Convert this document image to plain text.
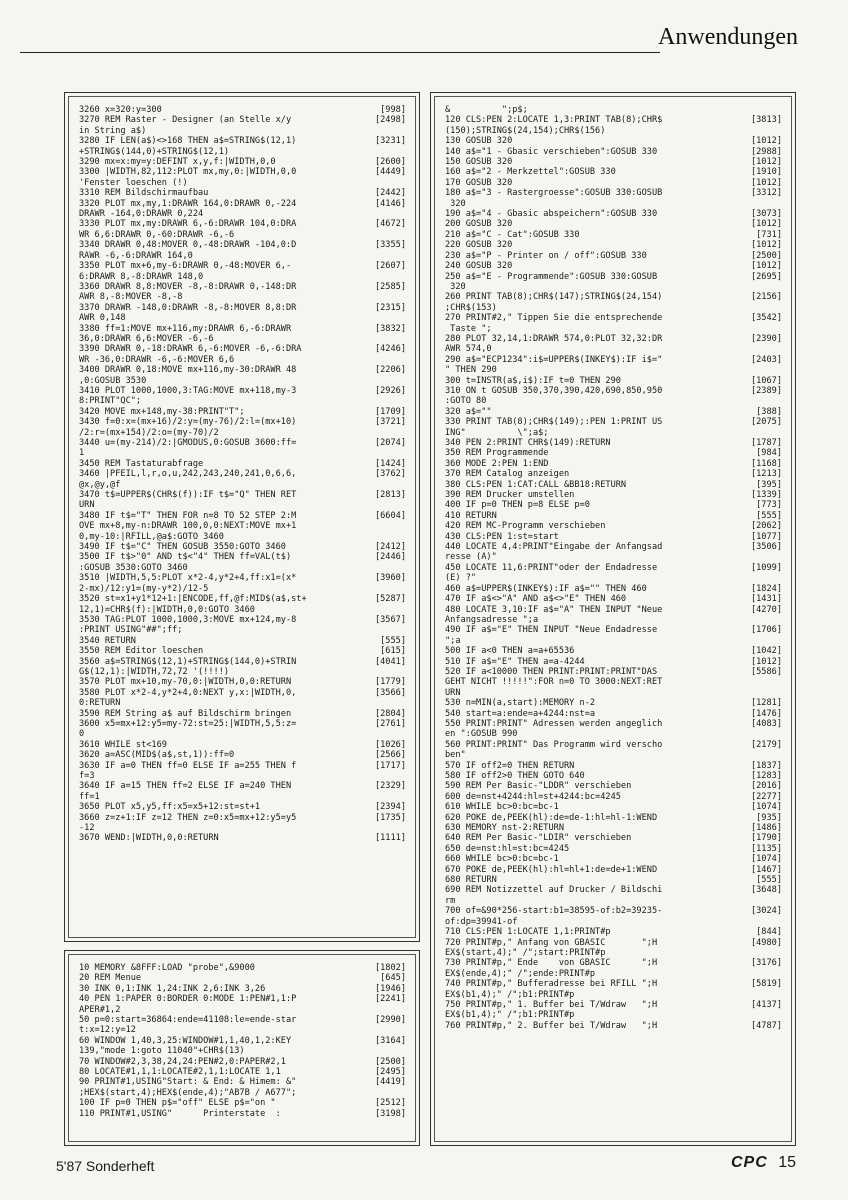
Anwendungen
3260 x=320:y=300	[998]
3270 REM Raster - Designer (an Stelle x/y	[2498]
in String a$)
3280 IF LEN(a$)<>168 THEN a$=STRING$(12,1)	[3231]
+STRING$(144,0)+STRING$(12,1)
3290 mx=x:my=y:DEFINT x,y,f:|WIDTH,0,0	[2600]
3300 |WIDTH,82,112:PLOT mx,my,0:|WIDTH,0,0	[4449]
'Fenster loeschen (!)
3310 REM Bildschirmaufbau	[2442]
3320 PLOT mx,my,1:DRAWR 164,0:DRAWR 0,-224	[4146]
DRAWR -164,0:DRAWR 0,224
3330 PLOT mx,my:DRAWR 6,-6:DRAWR 104,0:DRA	[4672]
WR 6,6:DRAWR 0,-60:DRAWR -6,-6
3340 DRAWR 0,48:MOVER 0,-48:DRAWR -104,0:D	[3355]
RAWR -6,-6:DRAWR 164,0
3350 PLOT mx+6,my-6:DRAWR 0,-48:MOVER 6,-	[2607]
6:DRAWR 8,-8:DRAWR 148,0
3360 DRAWR 8,8:MOVER -8,-8:DRAWR 0,-148:DR	[2585]
AWR 8,-8:MOVER -8,-8
3370 DRAWR -148,0:DRAWR -8,-8:MOVER 8,8:DR	[2315]
AWR 0,148
3380 ff=1:MOVE mx+116,my:DRAWR 6,-6:DRAWR	[3832]
36,0:DRAWR 6,6:MOVER -6,-6
3390 DRAWR 0,-18:DRAWR 6,-6:MOVER -6,-6:DRA	[4246]
WR -36,0:DRAWR -6,-6:MOVER 6,6
3400 DRAWR 0,18:MOVE mx+116,my-30:DRAWR 48	[2206]
,0:GOSUB 3530
3410 PLOT 1000,1000,3:TAG:MOVE mx+118,my-3	[2926]
8:PRINT"QC";
3420 MOVE mx+148,my-38:PRINT"T";	[1709]
3430 f=0:x=(mx+16)/2:y=(my-76)/2:l=(mx+10)	[3721]
/2:r=(mx+154)/2:o=(my-70)/2
3440 u=(my-214)/2:|GMODUS,0:GOSUB 3600:ff=	[2074]
1
3450 REM Tastaturabfrage	[1424]
3460 |PFEIL,l,r,o,u,242,243,240,241,0,6,6,	[3762]
@x,@y,@f
3470 t$=UPPER$(CHR$(f)):IF t$="Q" THEN RET	[2813]
URN
3480 IF t$="T" THEN FOR n=8 TO 52 STEP 2:M	[6604]
OVE mx+8,my-n:DRAWR 100,0,0:NEXT:MOVE mx+1
0,my-10:|RFILL,@a$:GOTO 3460
3490 IF t$="C" THEN GOSUB 3550:GOTO 3460	[2412]
3500 IF t$>"0" AND t$<"4" THEN ff=VAL(t$)	[2446]
:GOSUB 3530:GOTO 3460
3510 |WIDTH,5,5:PLOT x*2-4,y*2+4,ff:x1=(x*	[3960]
2-mx)/12:y1=(my-y*2)/12-5
3520 st=x1+y1*12+1:|ENCODE,ff,@f:MID$(a$,st+	[5287]
12,1)=CHR$(f):|WIDTH,0,0:GOTO 3460
3530 TAG:PLOT 1000,1000,3:MOVE mx+124,my-8	[3567]
:PRINT USING"##";ff;
3540 RETURN	[555]
3550 REM Editor loeschen	[615]
3560 a$=STRING$(12,1)+STRING$(144,0)+STRIN	[4041]
G$(12,1):|WIDTH,72,72 '(!!!!)
3570 PLOT mx+10,my-70,0:|WIDTH,0,0:RETURN	[1779]
3580 PLOT x*2-4,y*2+4,0:NEXT y,x:|WIDTH,0,	[3566]
0:RETURN
3590 REM String a$ auf Bildschirm bringen	[2804]
3600 x5=mx+12:y5=my-72:st=25:|WIDTH,5,5:z=	[2761]
0
3610 WHILE st<169	[1026]
3620 a=ASC(MID$(a$,st,1)):ff=0	[2566]
3630 IF a=0 THEN ff=0 ELSE IF a=255 THEN f	[1717]
f=3
3640 IF a=15 THEN ff=2 ELSE IF a=240 THEN	[2329]
ff=1
3650 PLOT x5,y5,ff:x5=x5+12:st=st+1	[2394]
3660 z=z+1:IF z=12 THEN z=0:x5=mx+12:y5=y5	[1735]
-12
3670 WEND:|WIDTH,0,0:RETURN	[1111]
10 MEMORY &8FFF:LOAD "probe",&9000	[1802]
20 REM Menue	[645]
30 INK 0,1:INK 1,24:INK 2,6:INK 3,26	[1946]
40 PEN 1:PAPER 0:BORDER 0:MODE 1:PEN#1,1:P	[2241]
APER#1,2
50 p=0:start=36864:ende=41108:le=ende-star	[2990]
t:x=12:y=12
60 WINDOW 1,40,3,25:WINDOW#1,1,40,1,2:KEY	[3164]
139,"mode 1:goto 11040"+CHR$(13)
70 WINDOW#2,3,38,24,24:PEN#2,0:PAPER#2,1	[2500]
80 LOCATE#1,1,1:LOCATE#2,1,1:LOCATE 1,1	[2495]
90 PRINT#1,USING"Start: & End: & Himem: &"	[4419]
;HEX$(start,4);HEX$(ende,4);"AB7B / A677";
100 IF p=0 THEN p$="off" ELSE p$="on "	[2512]
110 PRINT#1,USING"      Printerstate  :	[3198]
&          ";p$;
120 CLS:PEN 2:LOCATE 1,3:PRINT TAB(8);CHR$	[3813]
(150);STRING$(24,154);CHR$(156)
130 GOSUB 320	[1012]
140 a$="1 - Gbasic verschieben":GOSUB 330	[2988]
150 GOSUB 320	[1012]
160 a$="2 - Merkzettel":GOSUB 330	[1910]
170 GOSUB 320	[1012]
180 a$="3 - Rastergroesse":GOSUB 330:GOSUB	[3312]
320
190 a$="4 - Gbasic abspeichern":GOSUB 330	[3073]
200 GOSUB 320	[1012]
210 a$="C - Cat":GOSUB 330	[731]
220 GOSUB 320	[1012]
230 a$="P - Printer on / off":GOSUB 330	[2500]
240 GOSUB 320	[1012]
250 a$="E - Programmende":GOSUB 330:GOSUB	[2695]
320
260 PRINT TAB(8);CHR$(147);STRING$(24,154)	[2156]
;CHR$(153)
270 PRINT#2," Tippen Sie die entsprechende	[3542]
Taste ";
280 PLOT 32,14,1:DRAWR 574,0:PLOT 32,32:DR	[2390]
AWR 574,0
290 a$="ECP1234":i$=UPPER$(INKEY$):IF i$="	[2403]
" THEN 290
300 t=INSTR(a$,i$):IF t=0 THEN 290	[1067]
310 ON t GOSUB 350,370,390,420,690,850,950	[2389]
:GOTO 80
320 a$=""	[388]
330 PRINT TAB(8);CHR$(149);:PEN 1:PRINT US	[2075]
ING"          \";a$;
340 PEN 2:PRINT CHR$(149):RETURN	[1787]
350 REM Programmende	[984]
360 MODE 2:PEN 1:END	[1168]
370 REM Catalog anzeigen	[1213]
380 CLS:PEN 1:CAT:CALL &BB18:RETURN	[395]
390 REM Drucker umstellen	[1339]
400 IF p=0 THEN p=8 ELSE p=0	[773]
410 RETURN	[555]
420 REM MC-Programm verschieben	[2062]
430 CLS:PEN 1:st=start	[1077]
440 LOCATE 4,4:PRINT"Eingabe der Anfangsad	[3506]
resse (A)"
450 LOCATE 11,6:PRINT"oder der Endadresse	[1099]
(E) ?"
460 a$=UPPER$(INKEY$):IF a$="" THEN 460	[1824]
470 IF a$<>"A" AND a$<>"E" THEN 460	[1431]
480 LOCATE 3,10:IF a$="A" THEN INPUT "Neue	[4270]
Anfangsadresse ";a
490 IF a$="E" THEN INPUT "Neue Endadresse	[1706]
";a
500 IF a<0 THEN a=a+65536	[1042]
510 IF a$="E" THEN a=a-4244	[1012]
520 IF a<10000 THEN PRINT:PRINT:PRINT"DAS	[5586]
GEHT NICHT !!!!!":FOR n=0 TO 3000:NEXT:RET
URN
530 n=MIN(a,start):MEMORY n-2	[1281]
540 start=a:ende=a+4244:nst=a	[1476]
550 PRINT:PRINT" Adressen werden angeglich	[4083]
en ":GOSUB 990
560 PRINT:PRINT" Das Programm wird verscho	[2179]
ben"
570 IF off2=0 THEN RETURN	[1837]
580 IF off2>0 THEN GOTO 640	[1283]
590 REM Per Basic-"LDDR" verschieben	[2016]
600 de=nst+4244:hl=st+4244:bc=4245	[2277]
610 WHILE bc>0:bc=bc-1	[1074]
620 POKE de,PEEK(hl):de=de-1:hl=hl-1:WEND	[935]
630 MEMORY nst-2:RETURN	[1486]
640 REM Per Basic-"LDIR" verschieben	[1790]
650 de=nst:hl=st:bc=4245	[1135]
660 WHILE bc>0:bc=bc-1	[1074]
670 POKE de,PEEK(hl):hl=hl+1:de=de+1:WEND	[1467]
680 RETURN	[555]
690 REM Notizzettel auf Drucker / Bildschi	[3648]
rm
700 of=&90*256-start:b1=38595-of:b2=39235-	[3024]
of:dp=39941-of
710 CLS:PEN 1:LOCATE 1,1:PRINT#p	[844]
720 PRINT#p," Anfang von GBASIC       ";H	[4980]
EX$(start,4);" /";start:PRINT#p
730 PRINT#p," Ende    von GBASIC      ";H	[3176]
EX$(ende,4);" /";ende:PRINT#p
740 PRINT#p," Bufferadresse bei RFILL ";H	[5819]
EX$(b1,4);" /";b1:PRINT#p
750 PRINT#p," 1. Buffer bei T/Wdraw   ";H	[4137]
EX$(b1,4);" /";b1:PRINT#p
760 PRINT#p," 2. Buffer bei T/Wdraw   ";H	[4787]
5'87 Sonderheft	CPC 15
